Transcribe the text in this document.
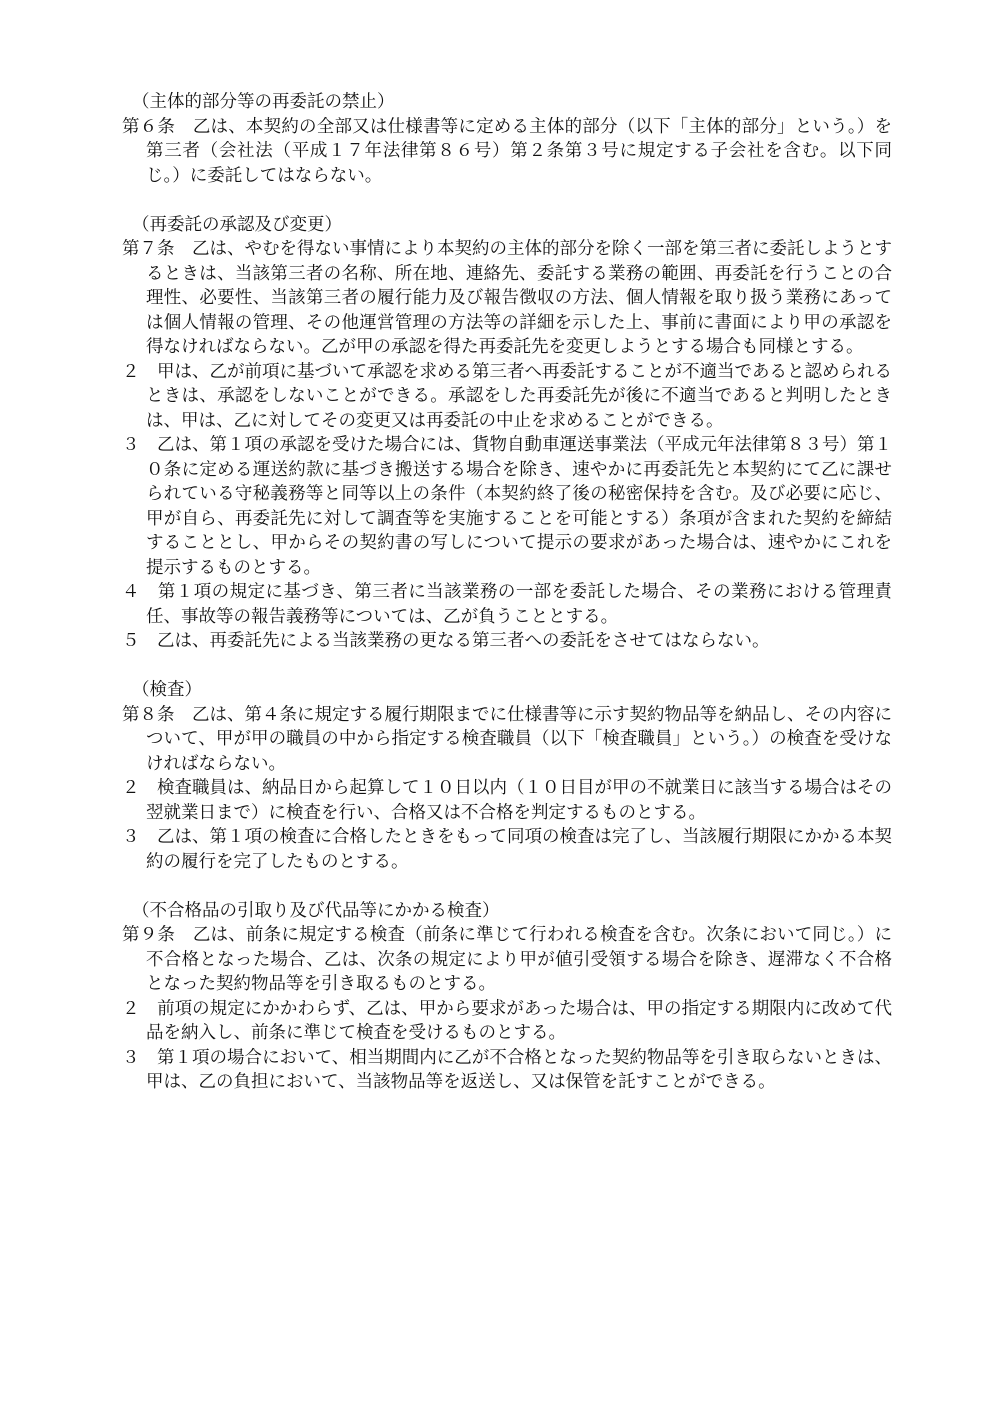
（主体的部分等の再委託の禁止）

第６条　乙は、本契約の全部又は仕様書等に定める主体的部分（以下「主体的部分」という。）を第三者（会社法（平成１７年法律第８６号）第２条第３号に規定する子会社を含む。以下同じ。）に委託してはならない。

（再委託の承認及び変更）

第７条　乙は、やむを得ない事情により本契約の主体的部分を除く一部を第三者に委託しようとするときは、当該第三者の名称、所在地、連絡先、委託する業務の範囲、再委託を行うことの合理性、必要性、当該第三者の履行能力及び報告徴収の方法、個人情報を取り扱う業務にあっては個人情報の管理、その他運営管理の方法等の詳細を示した上、事前に書面により甲の承認を得なければならない。乙が甲の承認を得た再委託先を変更しようとする場合も同様とする。

２　甲は、乙が前項に基づいて承認を求める第三者へ再委託することが不適当であると認められるときは、承認をしないことができる。承認をした再委託先が後に不適当であると判明したときは、甲は、乙に対してその変更又は再委託の中止を求めることができる。

３　乙は、第１項の承認を受けた場合には、貨物自動車運送事業法（平成元年法律第８３号）第１０条に定める運送約款に基づき搬送する場合を除き、速やかに再委託先と本契約にて乙に課せられている守秘義務等と同等以上の条件（本契約終了後の秘密保持を含む。及び必要に応じ、甲が自ら、再委託先に対して調査等を実施することを可能とする）条項が含まれた契約を締結することとし、甲からその契約書の写しについて提示の要求があった場合は、速やかにこれを提示するものとする。

４　第１項の規定に基づき、第三者に当該業務の一部を委託した場合、その業務における管理責任、事故等の報告義務等については、乙が負うこととする。

５　乙は、再委託先による当該業務の更なる第三者への委託をさせてはならない。

（検査）

第８条　乙は、第４条に規定する履行期限までに仕様書等に示す契約物品等を納品し、その内容について、甲が甲の職員の中から指定する検査職員（以下「検査職員」という。）の検査を受けなければならない。

２　検査職員は、納品日から起算して１０日以内（１０日目が甲の不就業日に該当する場合はその翌就業日まで）に検査を行い、合格又は不合格を判定するものとする。

３　乙は、第１項の検査に合格したときをもって同項の検査は完了し、当該履行期限にかかる本契約の履行を完了したものとする。

（不合格品の引取り及び代品等にかかる検査）

第９条　乙は、前条に規定する検査（前条に準じて行われる検査を含む。次条において同じ。）に不合格となった場合、乙は、次条の規定により甲が値引受領する場合を除き、遅滞なく不合格となった契約物品等を引き取るものとする。

２　前項の規定にかかわらず、乙は、甲から要求があった場合は、甲の指定する期限内に改めて代品を納入し、前条に準じて検査を受けるものとする。

３　第１項の場合において、相当期間内に乙が不合格となった契約物品等を引き取らないときは、甲は、乙の負担において、当該物品等を返送し、又は保管を託すことができる。
